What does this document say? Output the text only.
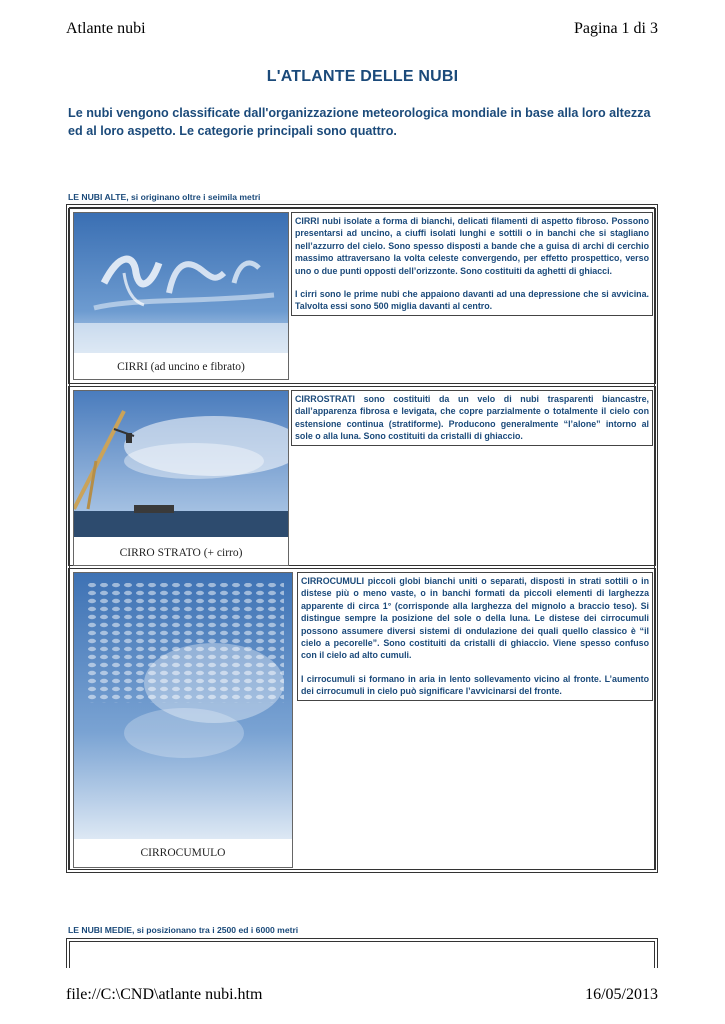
Atlante nubi	Pagina 1 di 3
L'ATLANTE DELLE NUBI
Le nubi vengono classificate dall'organizzazione meteorologica mondiale in base alla loro altezza ed al loro aspetto. Le categorie principali sono quattro.
LE NUBI ALTE, si originano oltre i seimila metri
CIRRI (ad uncino e fibrato)

CIRRI nubi isolate a forma di bianchi, delicati filamenti di aspetto fibroso. Possono presentarsi ad uncino, a ciuffi isolati lunghi e sottili o in banchi che si stagliano nell’azzurro del cielo. Sono spesso disposti a bande che a guisa di archi di cerchio massimo attraversano la volta celeste convergendo, per effetto prospettico, verso uno o due punti opposti dell’orizzonte. Sono costituiti da aghetti di ghiacci.

I cirri sono le prime nubi che appaiono davanti ad una depressione che si avvicina. Talvolta essi sono 500 miglia davanti al centro.

CIRRO STRATO (+ cirro)

CIRROSTRATI sono costituiti da un velo di nubi trasparenti biancastre, dall’apparenza fibrosa e levigata, che copre parzialmente o totalmente il cielo con estensione continua (stratiforme). Producono generalmente “l’alone” intorno al sole o alla luna. Sono costituiti da cristalli di ghiaccio.

CIRROCUMULO

CIRROCUMULI piccoli globi bianchi uniti o separati, disposti in strati sottili o in distese più o meno vaste, o in banchi formati da piccoli elementi di larghezza apparente di circa 1° (corrisponde alla larghezza del mignolo a braccio teso). Si distingue sempre la posizione del sole o della luna. Le distese dei cirrocumuli possono assumere diversi sistemi di ondulazione dei quali quello classico è “il cielo a pecorelle”. Sono costituiti da cristalli di ghiaccio. Viene spesso confuso con il cielo ad alto cumuli.

I cirrocumuli si formano in aria in lento sollevamento vicino al fronte. L’aumento dei cirrocumuli in cielo può significare l’avvicinarsi del fronte.

LE NUBI MEDIE, si posizionano tra i 2500 ed i 6000 metri
file://C:\CND\atlante nubi.htm	16/05/2013
